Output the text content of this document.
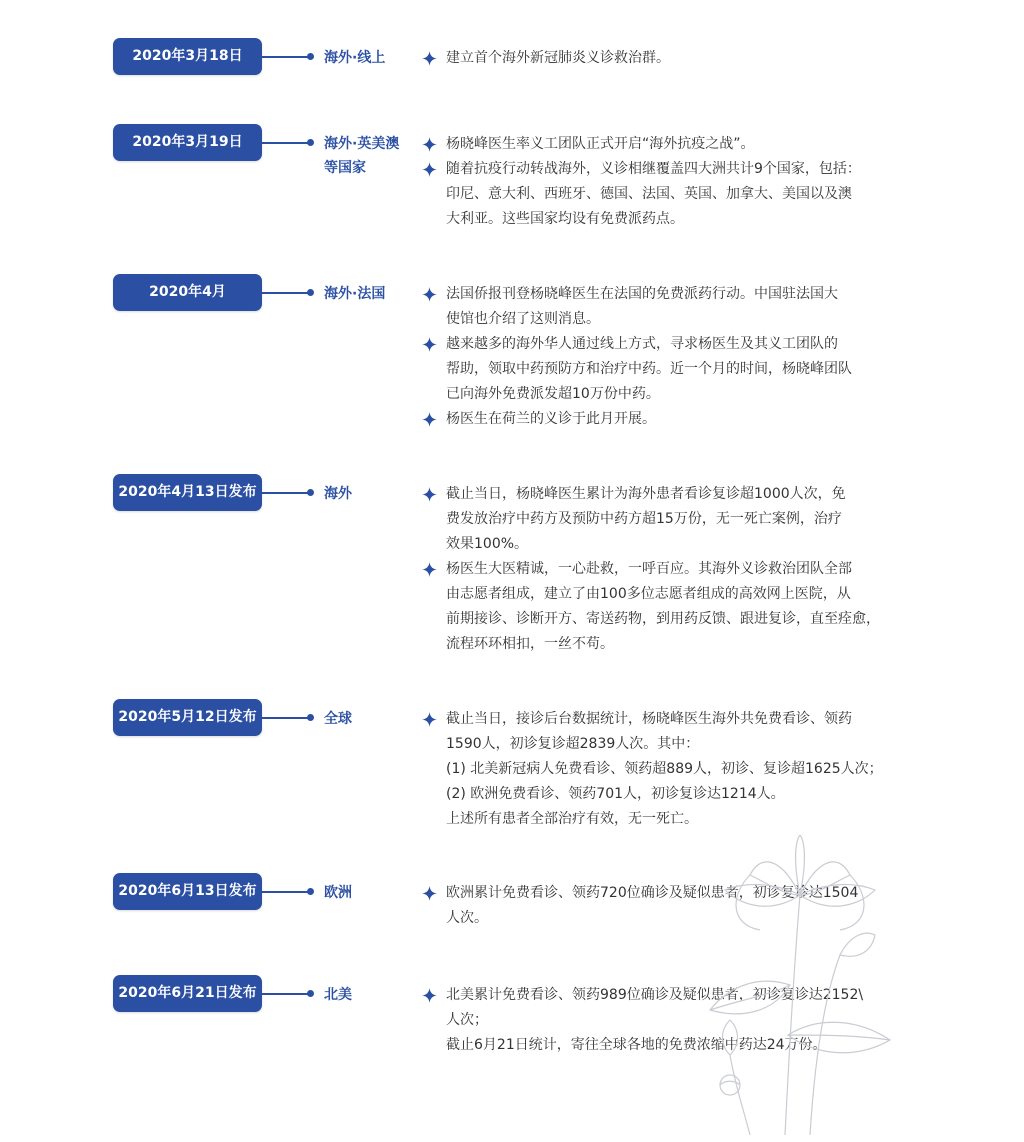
2020年3月18日	海外·线上	建立首个海外新冠肺炎义诊救治群。
2020年3月19日	海外·英美澳等国家
杨晓峰医生率义工团队正式开启“海外抗疫之战”。
随着抗疫行动转战海外，义诊相继覆盖四大洲共计9个国家，包括：
印尼、意大利、西班牙、德国、法国、英国、加拿大、美国以及澳
大利亚。这些国家均设有免费派药点。
2020年4月	海外·法国	法国侨报刊登杨晓峰医生在法国的免费派药行动。中国驻法国大
使馆也介绍了这则消息。
越来越多的海外华人通过线上方式，寻求杨医生及其义工团队的
帮助，领取中药预防方和治疗中药。近一个月的时间，杨晓峰团队
已向海外免费派发超10万份中药。
杨医生在荷兰的义诊于此月开展。
2020年4月13日发布	海外	截止当日，杨晓峰医生累计为海外患者看诊复诊超1000人次，免
费发放治疗中药方及预防中药方超15万份，无一死亡案例，治疗
效果100%。
杨医生大医精诚，一心赴救，一呼百应。其海外义诊救治团队全部
由志愿者组成，建立了由100多位志愿者组成的高效网上医院，从
前期接诊、诊断开方、寄送药物，到用药反馈、跟进复诊，直至痊愈，
流程环环相扣，一丝不苟。
2020年5月12日发布	全球	截止当日，接诊后台数据统计，杨晓峰医生海外共免费看诊、领药
1590人，初诊复诊超2839人次。其中：
(1) 北美新冠病人免费看诊、领药超889人，初诊、复诊超1625人次；
(2) 欧洲免费看诊、领药701人，初诊复诊达1214人。
上述所有患者全部治疗有效，无一死亡。
2020年6月13日发布	欧洲	欧洲累计免费看诊、领药720位确诊及疑似患者，初诊复诊达1504
人次。
2020年6月21日发布	北美	北美累计免费看诊、领药989位确诊及疑似患者，初诊复诊达2152\
人次；
截止6月21日统计，寄往全球各地的免费浓缩中药达24万份。
